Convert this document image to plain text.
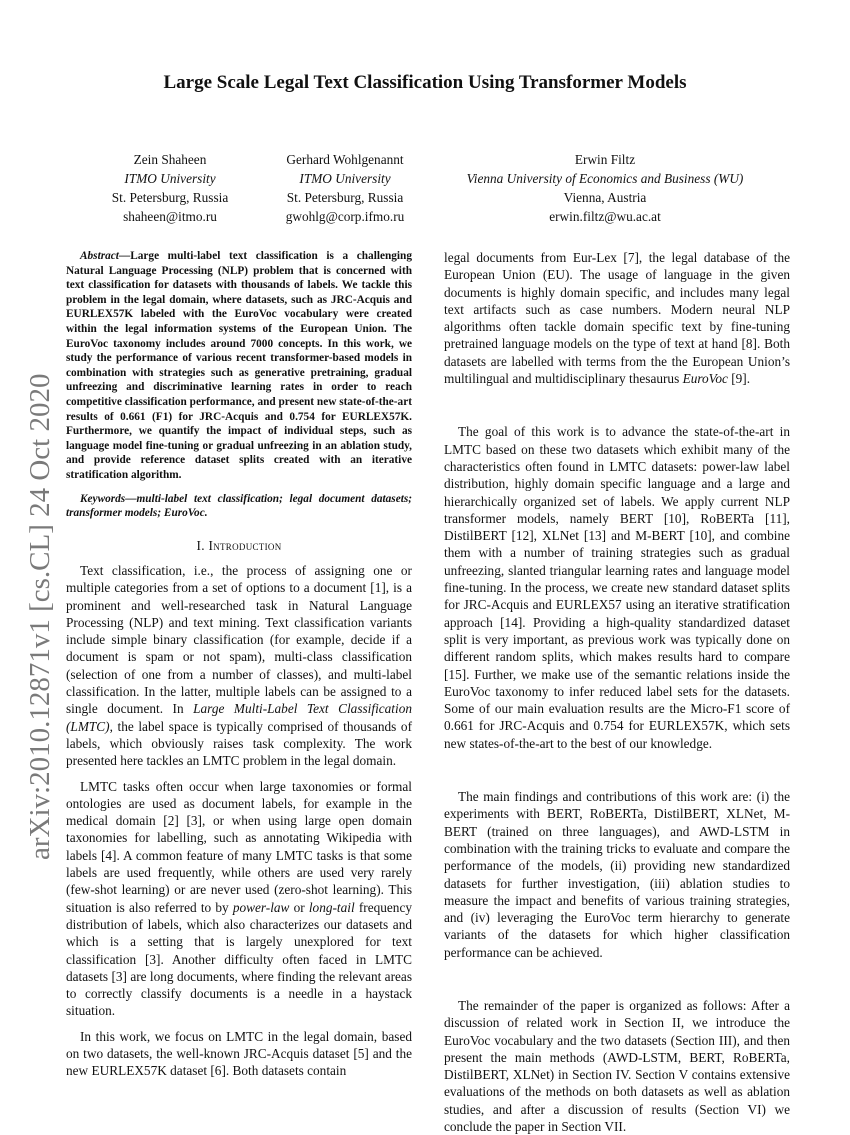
arXiv:2010.12871v1 [cs.CL] 24 Oct 2020
Large Scale Legal Text Classification Using Transformer Models
Zein Shaheen
ITMO University
St. Petersburg, Russia
shaheen@itmo.ru
Gerhard Wohlgenannt
ITMO University
St. Petersburg, Russia
gwohlg@corp.ifmo.ru
Erwin Filtz
Vienna University of Economics and Business (WU)
Vienna, Austria
erwin.filtz@wu.ac.at

Abstract—Large multi-label text classification is a challenging Natural Language Processing (NLP) problem that is concerned with text classification for datasets with thousands of labels. We tackle this problem in the legal domain, where datasets, such as JRC-Acquis and EURLEX57K labeled with the EuroVoc vocabulary were created within the legal information systems of the European Union. The EuroVoc taxonomy includes around 7000 concepts. In this work, we study the performance of various recent transformer-based models in combination with strategies such as generative pretraining, gradual unfreezing and discriminative learning rates in order to reach competitive classification performance, and present new state-of-the-art results of 0.661 (F1) for JRC-Acquis and 0.754 for EURLEX57K. Furthermore, we quantify the impact of individual steps, such as language model fine-tuning or gradual unfreezing in an ablation study, and provide reference dataset splits created with an iterative stratification algorithm.

Keywords—multi-label text classification; legal document datasets; transformer models; EuroVoc.

I. Introduction

Text classification, i.e., the process of assigning one or multiple categories from a set of options to a document [1], is a prominent and well-researched task in Natural Language Processing (NLP) and text mining. Text classification variants include simple binary classification (for example, decide if a document is spam or not spam), multi-class classification (selection of one from a number of classes), and multi-label classification. In the latter, multiple labels can be assigned to a single document. In Large Multi-Label Text Classification (LMTC), the label space is typically comprised of thousands of labels, which obviously raises task complexity. The work presented here tackles an LMTC problem in the legal domain.

LMTC tasks often occur when large taxonomies or formal ontologies are used as document labels, for example in the medical domain [2] [3], or when using large open domain taxonomies for labelling, such as annotating Wikipedia with labels [4]. A common feature of many LMTC tasks is that some labels are used frequently, while others are used very rarely (few-shot learning) or are never used (zero-shot learning). This situation is also referred to by power-law or long-tail frequency distribution of labels, which also characterizes our datasets and which is a setting that is largely unexplored for text classification [3]. Another difficulty often faced in LMTC datasets [3] are long documents, where finding the relevant areas to correctly classify documents is a needle in a haystack situation.

In this work, we focus on LMTC in the legal domain, based on two datasets, the well-known JRC-Acquis dataset [5] and the new EURLEX57K dataset [6]. Both datasets contain

legal documents from Eur-Lex [7], the legal database of the European Union (EU). The usage of language in the given documents is highly domain specific, and includes many legal text artifacts such as case numbers. Modern neural NLP algorithms often tackle domain specific text by fine-tuning pretrained language models on the type of text at hand [8]. Both datasets are labelled with terms from the the European Union’s multilingual and multidisciplinary thesaurus EuroVoc [9].

The goal of this work is to advance the state-of-the-art in LMTC based on these two datasets which exhibit many of the characteristics often found in LMTC datasets: power-law label distribution, highly domain specific language and a large and hierarchically organized set of labels. We apply current NLP transformer models, namely BERT [10], RoBERTa [11], DistilBERT [12], XLNet [13] and M-BERT [10], and combine them with a number of training strategies such as gradual unfreezing, slanted triangular learning rates and language model fine-tuning. In the process, we create new standard dataset splits for JRC-Acquis and EURLEX57 using an iterative stratification approach [14]. Providing a high-quality standardized dataset split is very important, as previous work was typically done on different random splits, which makes results hard to compare [15]. Further, we make use of the semantic relations inside the EuroVoc taxonomy to infer reduced label sets for the datasets. Some of our main evaluation results are the Micro-F1 score of 0.661 for JRC-Acquis and 0.754 for EURLEX57K, which sets new states-of-the-art to the best of our knowledge.

The main findings and contributions of this work are: (i) the experiments with BERT, RoBERTa, DistilBERT, XLNet, M-BERT (trained on three languages), and AWD-LSTM in combination with the training tricks to evaluate and compare the performance of the models, (ii) providing new standardized datasets for further investigation, (iii) ablation studies to measure the impact and benefits of various training strategies, and (iv) leveraging the EuroVoc term hierarchy to generate variants of the datasets for which higher classification performance can be achieved.

The remainder of the paper is organized as follows: After a discussion of related work in Section II, we introduce the EuroVoc vocabulary and the two datasets (Section III), and then present the main methods (AWD-LSTM, BERT, RoBERTa, DistilBERT, XLNet) in Section IV. Section V contains extensive evaluations of the methods on both datasets as well as ablation studies, and after a discussion of results (Section VI) we conclude the paper in Section VII.
